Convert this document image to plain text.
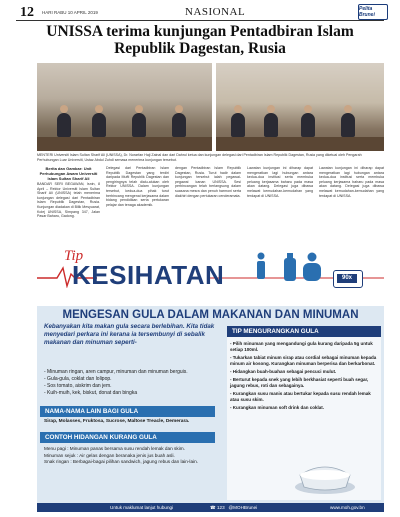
12 HARI RABU 10 APRIL 2019	NASIONAL	Pelita Brunei
UNISSA terima kunjungan Pentadbiran Islam Republik Dagestan, Rusia
MENTERI Universiti Islam Sultan Sharif Ali (UNISSA), Dr. Norarfan Haji Zainal dan dari Dahrul ketua dan kunjungan delegasi dari Pentadbiran Islam Republik Dagestan, Rusia yang diketuai oleh Pengarah Perhubungan Luar Universiti, Ustaz Abdul Zuhdi semasa menerima kunjungan tersebut.
Berita dan Gambar: Unit Perhubungan Awam Universiti Islam Sultan Sharif Ali
BANDAR SERI BEGAWAN, Isnin, 8 April – Rektor Universiti Islam Sultan Sharif Ali (UNISSA) telah menerima kunjungan delegasi dari Pentadbiran Islam Republik Dagestan, Rusia. Kunjungan diadakan di Bilik Mesyuarat, Kolej UNISSA, Simpang 347, Jalan Pasar Baharu, Gadong.
Delegasi dari Pentadbiran Islam Republik Dagestan yang terdiri daripada Mufti Republik Dagestan dan pengiringnya telah dialu-alukan oleh Rektor UNISSA. Dalam kunjungan tersebut, kedua-dua pihak turut berbincang mengenai kerjasama dalam bidang pendidikan serta pertukaran pelajar dan tenaga akademik.
dengan Pentadbiran Islam Republik Dagestan, Rusia. Turut hadir dalam kunjungan tersebut ialah pegawai-pegawai kanan UNISSA. Sesi perbincangan telah berlangsung dalam suasana mesra dan penuh harmoni serta diakhiri dengan pertukaran cenderamata.
Lawatan kunjungan ini diharap dapat mengeratkan lagi hubungan antara kedua-dua institusi serta membuka peluang kerjasama baharu pada masa akan datang. Delegasi juga dibawa melawat kemudahan-kemudahan yang terdapat di UNISSA.
Lawatan kunjungan ini diharap dapat mengeratkan lagi hubungan antara kedua-dua institusi serta membuka peluang kerjasama baharu pada masa akan datang. Delegasi juga dibawa melawat kemudahan-kemudahan yang terdapat di UNISSA.
Tip
KESIHATAN	90x
MENGESAN GULA DALAM MAKANAN DAN MINUMAN
Kebanyakan kita makan gula secara berlebihan. Kita tidak menyedari perkara ini kerana ia tersembunyi di sebalik makanan dan minuman seperti-
- Minuman ringan, aren campur, minuman dan minuman berguis.
- Gula-gula, coklat dan lolipop.
- Sos tomato, aiskrim dan jem.
- Kuih-muih, kek, biskut, donat dan bingka
NAMA-NAMA LAIN BAGI GULA
Sirap, Molasses, Fruktosa, Sucrose, Maltose Treacle, Demerara.
CONTOH HIDANGAN KURANG GULA
Menu pagi : Minuman panas bersama susu rendah lemak dan skim.
Minuman sejuk : Air gelas dengan beranaka jenis jus buah asli.
Snak ringan : Berbagai-bagai pilihan sandwich, jagung rebus dan lain-lain.
TIP MENGURANGKAN GULA
- Pilih minuman yang mengandungi gula kurang daripada 5g untuk setiap 100ml.
- Tukarkan tabiat minum sirap atau cordial sebagai minuman kepada minum air kosong. Kurangkan minuman berperisa dan berkarbonat.
- Hidangkan buah-buahan sebagai pencuci mulut.
- Berturut kepada snek yang lebih berkhasiat seperti buah segar, jagung rebus, roti dan sebagainya.
- Kurangkan susu manis atau bertukar kepada susu rendah lemak atau susu skim.
- Kurangkan minuman soft drink dan coklat.
Untuk maklumat lanjut hubungi	☎ 123 @MOHBrunei	www.moh.gov.bn
